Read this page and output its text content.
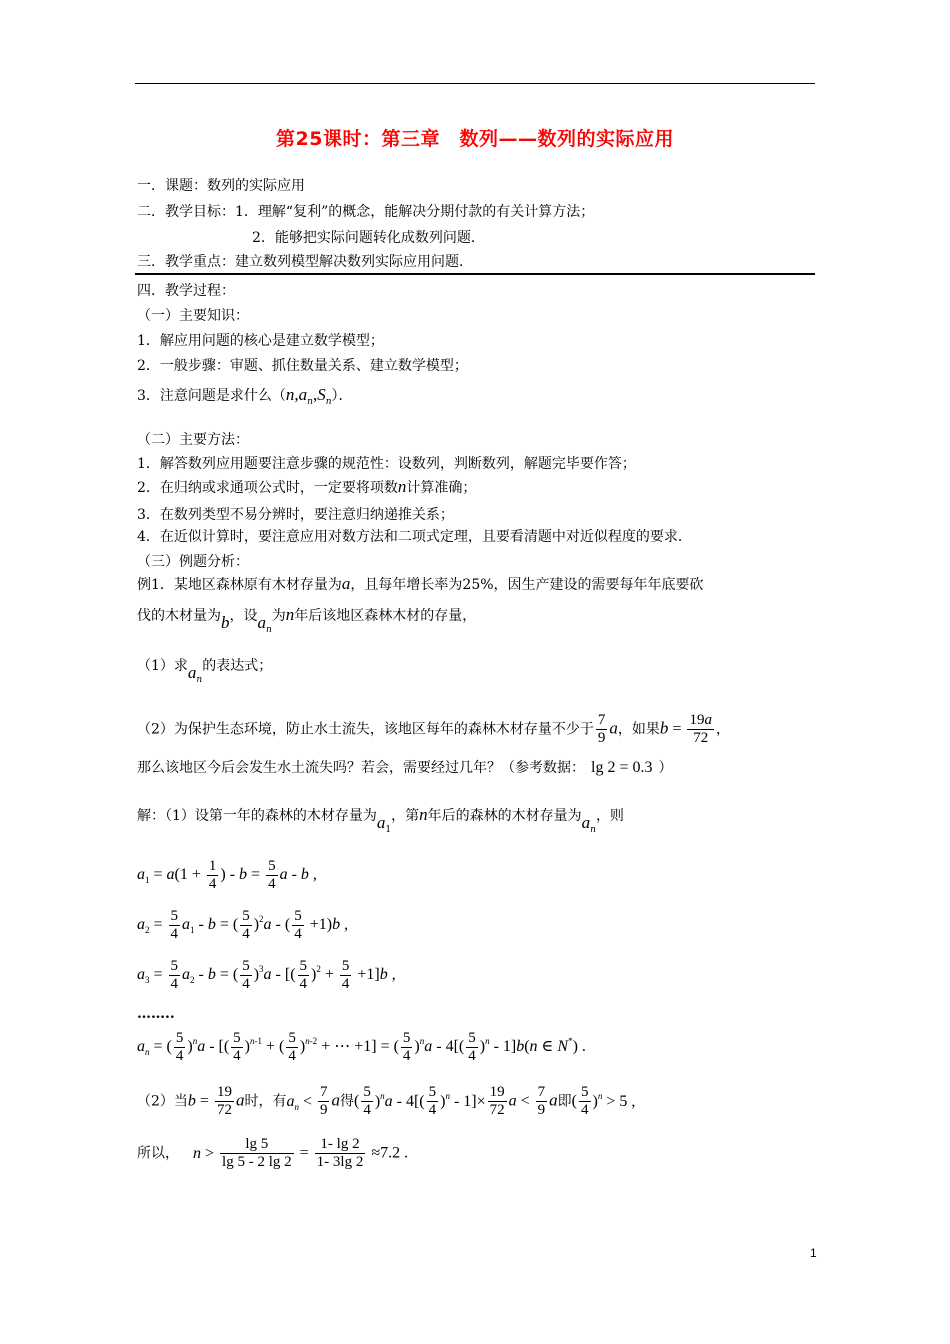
第25课时：第三章　数列——数列的实际应用
一．课题：数列的实际应用
二．教学目标：1．理解“复利”的概念，能解决分期付款的有关计算方法；
2．能够把实际问题转化成数列问题．
三．教学重点：建立数列模型解决数列实际应用问题．
四．教学过程：
（一）主要知识：
1．解应用问题的核心是建立数学模型；
2．一般步骤：审题、抓住数量关系、建立数学模型；
3．注意问题是求什么$(n,a_n,S_n)$．
（二）主要方法：
1．解答数列应用题要注意步骤的规范性：设数列，判断数列，解题完毕要作答；
2．在归纳或求通项公式时，一定要将项数n计算准确；
3．在数列类型不易分辨时，要注意归纳递推关系；
4．在近似计算时，要注意应用对数方法和二项式定理，且要看清题中对近似程度的要求．
（三）例题分析：
例1．某地区森林原有木材存量为a，且每年增长率为25%，因生产建设的需要每年年底要砍
伐的木材量为b，设$a_n$为n年后该地区森林木材的存量，
（1）求$a_n$的表达式；
（2）为保护生态环境，防止水土流失，该地区每年的森林木材存量不少于 $\frac{7}{9}$ a，如果$b = \frac{19a}{72}$ ，
那么该地区今后会发生水土流失吗？若会，需要经过几年？（参考数据： lg 2 = 0.3 ）
解：（1）设第一年的森林的木材存量为$a_1$，第n年后的森林的木材存量为$a_n$，则
$a_1 = a(1 + \frac{1}{4}$ ) - $b = \frac{5}{4}$ a - b ,
$a_2 = \frac{5}{4} a_1 - b$ = ( $\frac{5}{4} )^2a$ - ( $\frac{5}{4} +1)b$ ,
$a_3 = \frac{5}{4} a_2 - b$ = ( $\frac{5}{4} )^3a$ - [( $\frac{5}{4} )^2 + \frac{5}{4} +1]b$ ,
……..
$a_n$ = ( $\frac{5}{4} )^na$ - [( $\frac{5}{4} )^{n-1}$ + ( $\frac{5}{4} )^{n-2}$ + ⋯ +1] = ( $\frac{5}{4} )^na - 4[( \frac{5}{4} )^n - 1]b(n$ ∈ N*) .
（2）当$b = \frac{19}{72}$ a时，有$a_n < \frac{7}{9}$ a得( $\frac{5}{4} )^na - 4[( \frac{5}{4} )^n - 1]\times \frac{19}{72}$ $a < \frac{7}{9}$ a即( $\frac{5}{4} )^n > 5$ ,
所以， $n > \frac{\lg 5}{\lg 5 - 2 \lg 2} = \frac{1- \lg 2}{1- 3\lg 2} \approx 7.2$ .
1
